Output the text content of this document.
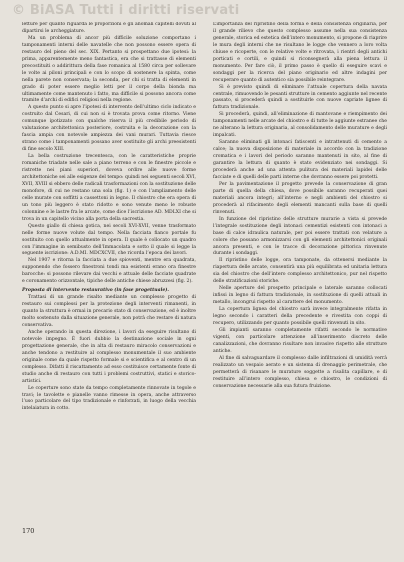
© BiASA Tutti i diritti riservati

letture per quanto riguarda le proporzioni e gli anomali capitelli dovuti al dipartirsi le archeggiature.

Ma un problema di ancor più difficile soluzione comportano i tamponamenti interni delle navatelle che non possono essere opera di restauro del pieno del sec. XIX. Pertanto si prospettano due ipotesi: la prima, apparentemente meno fantastica, era che si trattasse di elementi precostituiti o addirittura della fase romanica al 1580 circa per sollevare le volte ai piloni principali e con lo scopo di sostenere la spinta, come nella parete non conservata; la seconda, per chi si tratta di elementi in grado di poter essere meglio letti per il corpo della bionda ma ultimamente come mantenuto i fatto, ma difficile si possono ancora come tramite d’archi di edifici religiosi nella regione.

A questo punto si apre l’ipotesi di intervento dell’ultimo ciclo indicato e costruito dal Cesari, di cui non si è trovata prova come ritorno. Viene comunque ipotizzato con qualche riserva il più credibile periodo di valutazione architettonica posteriore, costruita e la decorazione con la fascia ampia con notevole ampiezza dei vani murari. Tuttavia riesce strano come i tamponamenti possano aver sostituito gli archi preesistenti di fine secolo XIII.

La bella costruzione trecentesca, con le caratteristiche proprie romaniche triadate nelle sale a piano terreno e con le finestre piccole e ristrette nei piani superiori, doveva ordire alle nuove forme architettoniche sei alle esigenze del tempo: quindi nei seguenti secoli XVI, XVII, XVIII si ebbero delle radicali trasformazioni con la sostituzione delle monofore, di cui ne restano una sola (fig. 1) e con l’ampliamento delle celle murate con soffitti a cassettoni in legno. Il chiostro che era opera di un tono più leggero è stato ridotto e sono venute meno le robuste colonnine e le lastre fra le arcate, come dice l’iscrizione AD. MDLXI che si trova in un capitello vicino alla porta della sacrestia.

Questo giallo di chiesa gotica, nei secoli XVI-XVII, venne trasformato nelle forme nuove volute dal tempo. Nella facciata fianco portale fu sostituito con quello attualmente in opera. Il quale è collocato un quadro con l’immagine in semibusto dell’Immacolata e sotto il quale si legge la seguente iscrizione: A.D.MI. MDCXCVII, che ricorda l’epoca dei lavori.

Nel 1907 e ritorna la facciata a due spioventi, mentre era quadrata, supponendo che fossero finestroni tondi ma esistenti erano ora finestre barocche: si possono rilevare dai vecchi e attuale delle facciate quadrate e coronamento orizzontale, tipiche delle antiche chiese abruzzesi (fig. 2).

Proposta di intervento restaurativo (in fase progettuale).

Trattasi di un grande risalto mediante un complesso progetto di restauro sui complessi per la protezione degli interventi rimanenti, in quanto la struttura è ormai in precario stato di conservazione, ed è inoltre molto sostenuto dalla situazione generale, non potrà che restare di natura conservativa.

Anche operando in questa direzione, i lavori da eseguire risultano di notevole impegno. È fuori dubbio la destinazione sociale in ogni progettazione generale, che in alta di restauro miracolo conservazioni e anche tendono a restituire al complesso monumentale il suo ambiente originale come da quale rispetto formale si e scientifica e al centro di un complesso. Difatti il riscattamento ad esso costituisce certamente fonte di studio anche di restauro con tutti i problemi costruttivi, statici e storico-artistici.

Le coperture sono state da tempo completamente rinnovate in tegole e travi; le tavolette e pianelle vanno rimesse in opera, anche attraverso l’uso particolare del tipo tradizionale e rinforzati, in luogo della vecchia intelaiatura in cotto.

L’importanza del ripristino della forma e della consistenza originaria, per il grande rilievo che questo complesso assume nella sua consistenza generale, storica ed estetica dell’intero monumento, si propone di riaprire le mura degli interni che ne risultano le logge che vennero a loro volta chiuse e ricoperte, con le relative volte e ritrovata, i rientri degli antichi porticati e cortili, e quindi si riconsegnerà alla piena lettura il monumento. Per fare ciò, il primo passo è quello di eseguire scavi e sondaggi per la ricerca del piano originario ed altre indagini per recuperare quanto di autentico sia possibile reintegrare.

Si è previsto quindi di eliminare l’attuale copertura della navata centrale, rimuovendo le pesanti strutture in cemento aggiunte nel recente passato, si procederà quindi a sostituirle con nuove capriate lignee di fattura tradizionale.

Si procederà, quindi, all’eliminazione di mantovane e riempimento dei tamponamenti nelle arcate del chiostro e di tutte le aggiunte estranee che ne alterano la lettura originaria, al consolidamento delle murature e degli impalcati.

Saranno eliminati gli intonaci fatiscenti e intrattenuti di cemento a calce; la nuova disposizione di materiale in accordo con la tradizione cromatica e i lavori del periodo saranno mantenuti in sito, al fine di garantire la lettura di quanto è stato evidenziato nei sondaggi. Si procederà anche ad una attenta pulitura dei materiali lapidei delle facciate e di quelli delle parti interne che dovranno essere poi protetti.

Per la pavimentazione il progetto prevede la conservazione di gran parte di quella della chiesa, dove possibile saranno recuperati quei materiali ancora integri; all’interno e negli ambienti del chiostro si procederà al rifacimento degli elementi mancanti sulla base di quelli rinvenuti.

In funzione del ripristino delle strutture murarie a vista si prevede l’integrale sostituzione degli intonaci cementizi esistenti con intonaci a base di calce idraulica naturale, per poi essere trattati con velature a colore che possano armonizzarsi con gli elementi architettonici originali ancora presenti, e con le tracce di decorazione pittorica rinvenute durante i sondaggi.

Il ripristino delle logge, ora tamponate, da ottenersi mediante la riapertura delle arcate, consentirà una più equilibrata ed unitaria lettura sia del chiostro che dell’intero complesso architettonico, pur nel rispetto delle stratificazioni storiche.

Nelle aperture del prospetto principale e laterale saranno collocati infissi in legno di fattura tradizionale, in sostituzione di quelli attuali in metallo, incongrui rispetto al carattere del monumento.

La copertura lignea del chiostro sarà invece integralmente rifatta in legno secondo i caratteri della precedente e rivestita con coppi di recupero, utilizzando per quanto possibile quelli rinvenuti in sito.

Gli impianti saranno completamente rifatti secondo le normative vigenti, con particolare attenzione all’inserimento discreto delle canalizzazioni, che dovranno risultare non invasive rispetto alle strutture antiche.

Al fine di salvaguardare il complesso dalle infiltrazioni di umidità verrà realizzato un vespaio aerato e un sistema di drenaggio perimetrale, che permetterà di risanare le murature soggette a risalita capillare, e di restituire all’intero complesso, chiesa e chiostro, le condizioni di conservazione necessarie alla sua futura fruizione.

170
